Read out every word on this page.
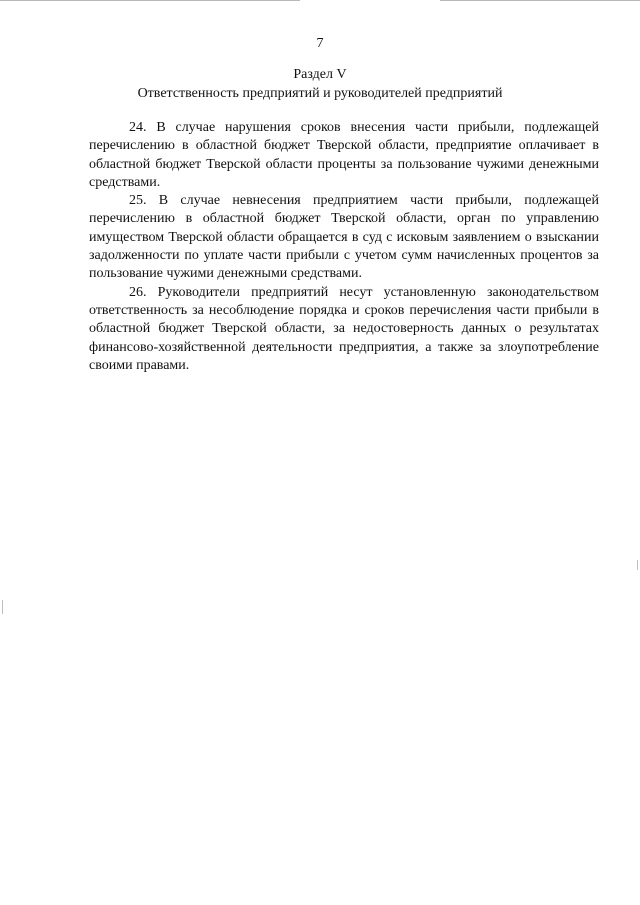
7
Раздел V
Ответственность предприятий и руководителей предприятий

24. В случае нарушения сроков внесения части прибыли, подлежащей перечислению в областной бюджет Тверской области, предприятие оплачивает в областной бюджет Тверской области проценты за пользование чужими денежными средствами.

25. В случае невнесения предприятием части прибыли, подлежащей перечислению в областной бюджет Тверской области, орган по управлению имуществом Тверской области обращается в суд с исковым заявлением о взыскании задолженности по уплате части прибыли с учетом сумм начисленных процентов за пользование чужими денежными средствами.

26. Руководители предприятий несут установленную законодательством ответственность за несоблюдение порядка и сроков перечисления части прибыли в областной бюджет Тверской области, за недостоверность данных о результатах финансово-хозяйственной деятельности предприятия, а также за злоупотребление своими правами.
